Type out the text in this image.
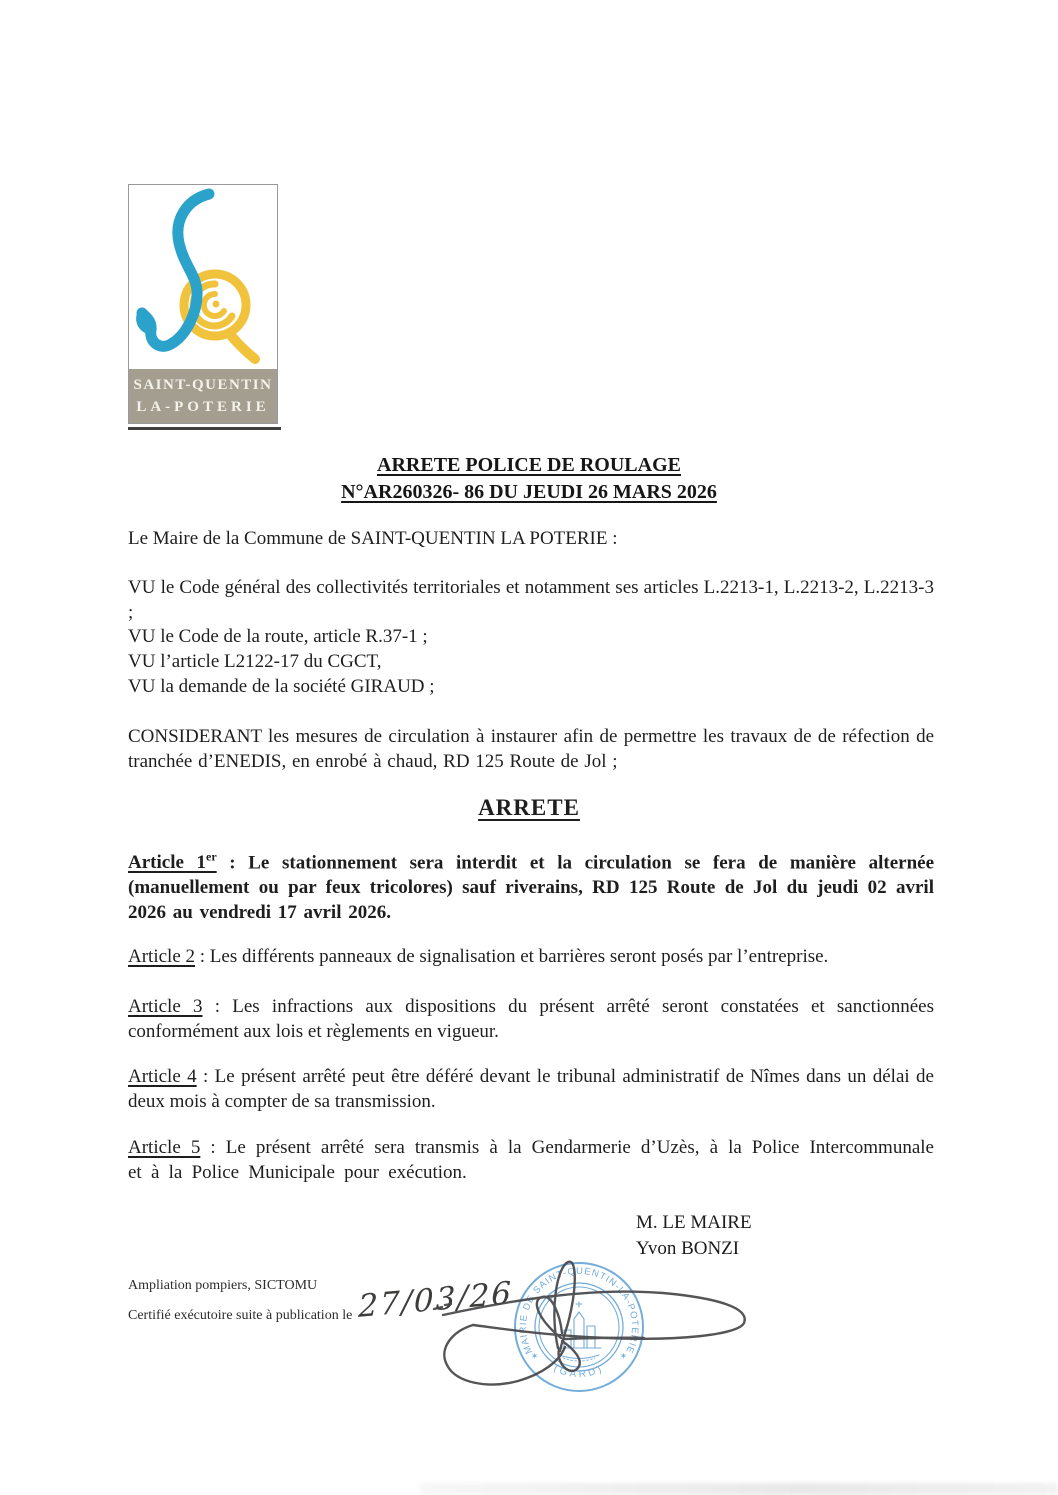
SAINT-QUENTIN
LA-POTERIE
ARRETE POLICE DE ROULAGE
N°AR260326- 86 DU JEUDI 26 MARS 2026

Le Maire de la Commune de SAINT-QUENTIN LA POTERIE :

VU le Code général des collectivités territoriales et notamment ses articles L.2213-1, L.2213-2, L.2213-3 ;
VU le Code de la route, article R.37-1 ;
VU l’article L2122-17 du CGCT,
VU la demande de la société GIRAUD ;

CONSIDERANT les mesures de circulation à instaurer afin de permettre les travaux de de réfection de tranchée d’ENEDIS, en enrobé à chaud, RD 125 Route de Jol ;

ARRETE

Article 1er : Le stationnement sera interdit et la circulation se fera de manière alternée (manuellement ou par feux tricolores) sauf riverains, RD 125 Route de Jol du jeudi 02 avril 2026 au vendredi 17 avril 2026.

Article 2 : Les différents panneaux de signalisation et barrières seront posés par l’entreprise.

Article 3 : Les infractions aux dispositions du présent arrêté seront constatées et sanctionnées conformément aux lois et règlements en vigueur.

Article 4 : Le présent arrêté peut être déféré devant le tribunal administratif de Nîmes dans un délai de deux mois à compter de sa transmission.

Article 5 : Le présent arrêté sera transmis à la Gendarmerie d’Uzès, à la Police Intercommunale et à la Police Municipale pour exécution.

M. LE MAIRE
Yvon BONZI
Ampliation pompiers, SICTOMU
Certifié exécutoire suite à publication le 27/03/26
MAIRIE DE SAINT-QUENTIN-LA-POTERIE
(GARD)
✶	✶
